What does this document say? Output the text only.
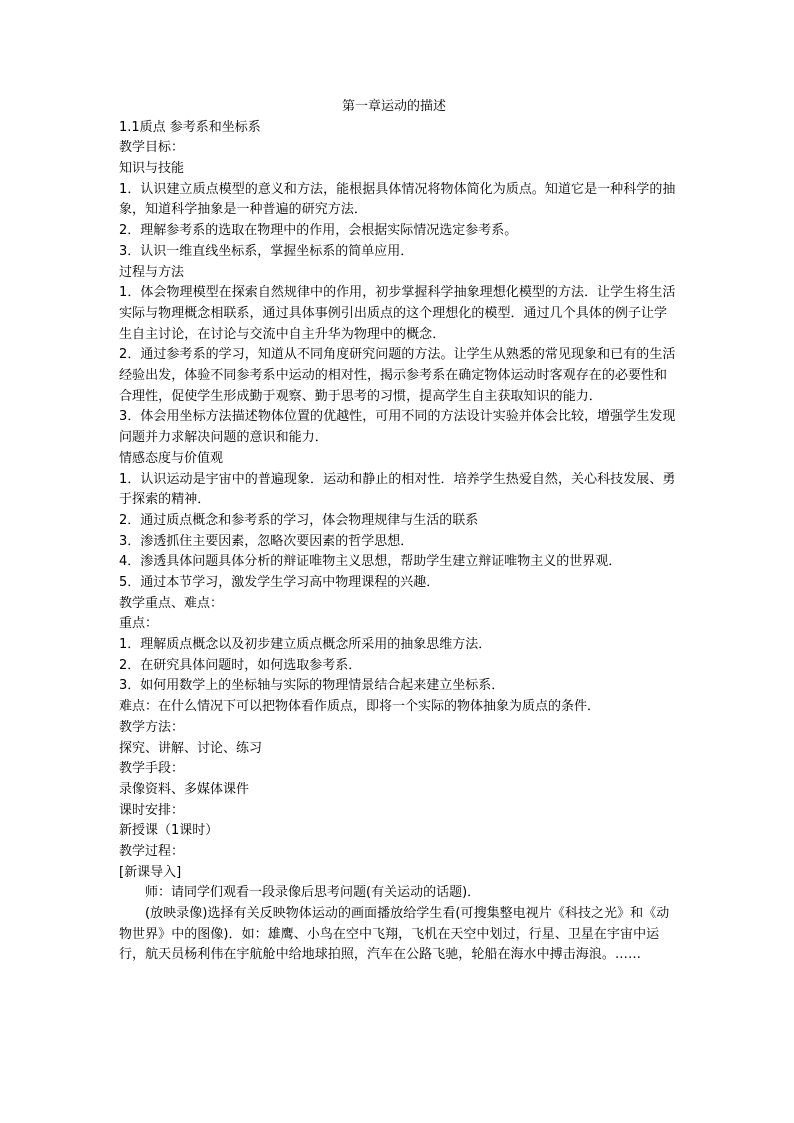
第一章运动的描述
1.1质点 参考系和坐标系
教学目标：
知识与技能
1．认识建立质点模型的意义和方法，能根据具体情况将物体简化为质点。知道它是一种科学的抽象，知道科学抽象是一种普遍的研究方法．
2．理解参考系的选取在物理中的作用，会根据实际情况选定参考系。
3．认识一维直线坐标系，掌握坐标系的简单应用．
过程与方法
1．体会物理模型在探索自然规律中的作用，初步掌握科学抽象理想化模型的方法．让学生将生活实际与物理概念相联系，通过具体事例引出质点的这个理想化的模型．通过几个具体的例子让学生自主讨论，在讨论与交流中自主升华为物理中的概念．
2．通过参考系的学习，知道从不同角度研究问题的方法。让学生从熟悉的常见现象和已有的生活经验出发，体验不同参考系中运动的相对性，揭示参考系在确定物体运动时客观存在的必要性和合理性，促使学生形成勤于观察、勤于思考的习惯，提高学生自主获取知识的能力．
3．体会用坐标方法描述物体位置的优越性，可用不同的方法设计实验并体会比较，增强学生发现问题并力求解决问题的意识和能力．
情感态度与价值观
1．认识运动是宇宙中的普遍现象．运动和静止的相对性．培养学生热爱自然，关心科技发展、勇于探索的精神．
2．通过质点概念和参考系的学习，体会物理规律与生活的联系
3．渗透抓住主要因素，忽略次要因素的哲学思想．
4．渗透具体问题具体分析的辩证唯物主义思想，帮助学生建立辩证唯物主义的世界观．
5．通过本节学习，激发学生学习高中物理课程的兴趣．
教学重点、难点：
重点：
1．理解质点概念以及初步建立质点概念所采用的抽象思维方法．
2．在研究具体问题时，如何选取参考系．
3．如何用数学上的坐标轴与实际的物理情景结合起来建立坐标系．
难点：在什么情况下可以把物体看作质点，即将一个实际的物体抽象为质点的条件．
教学方法：
探究、讲解、讨论、练习
教学手段：
录像资料、多媒体课件
课时安排：
新授课（1课时）
教学过程：
[新课导入]
师：请同学们观看一段录像后思考问题(有关运动的话题)．
(放映录像)选择有关反映物体运动的画面播放给学生看(可搜集整电视片《科技之光》和《动物世界》中的图像)．如：雄鹰、小鸟在空中飞翔，飞机在天空中划过，行星、卫星在宇宙中运行，航天员杨利伟在宇航舱中给地球拍照，汽车在公路飞驰，轮船在海水中搏击海浪。……
